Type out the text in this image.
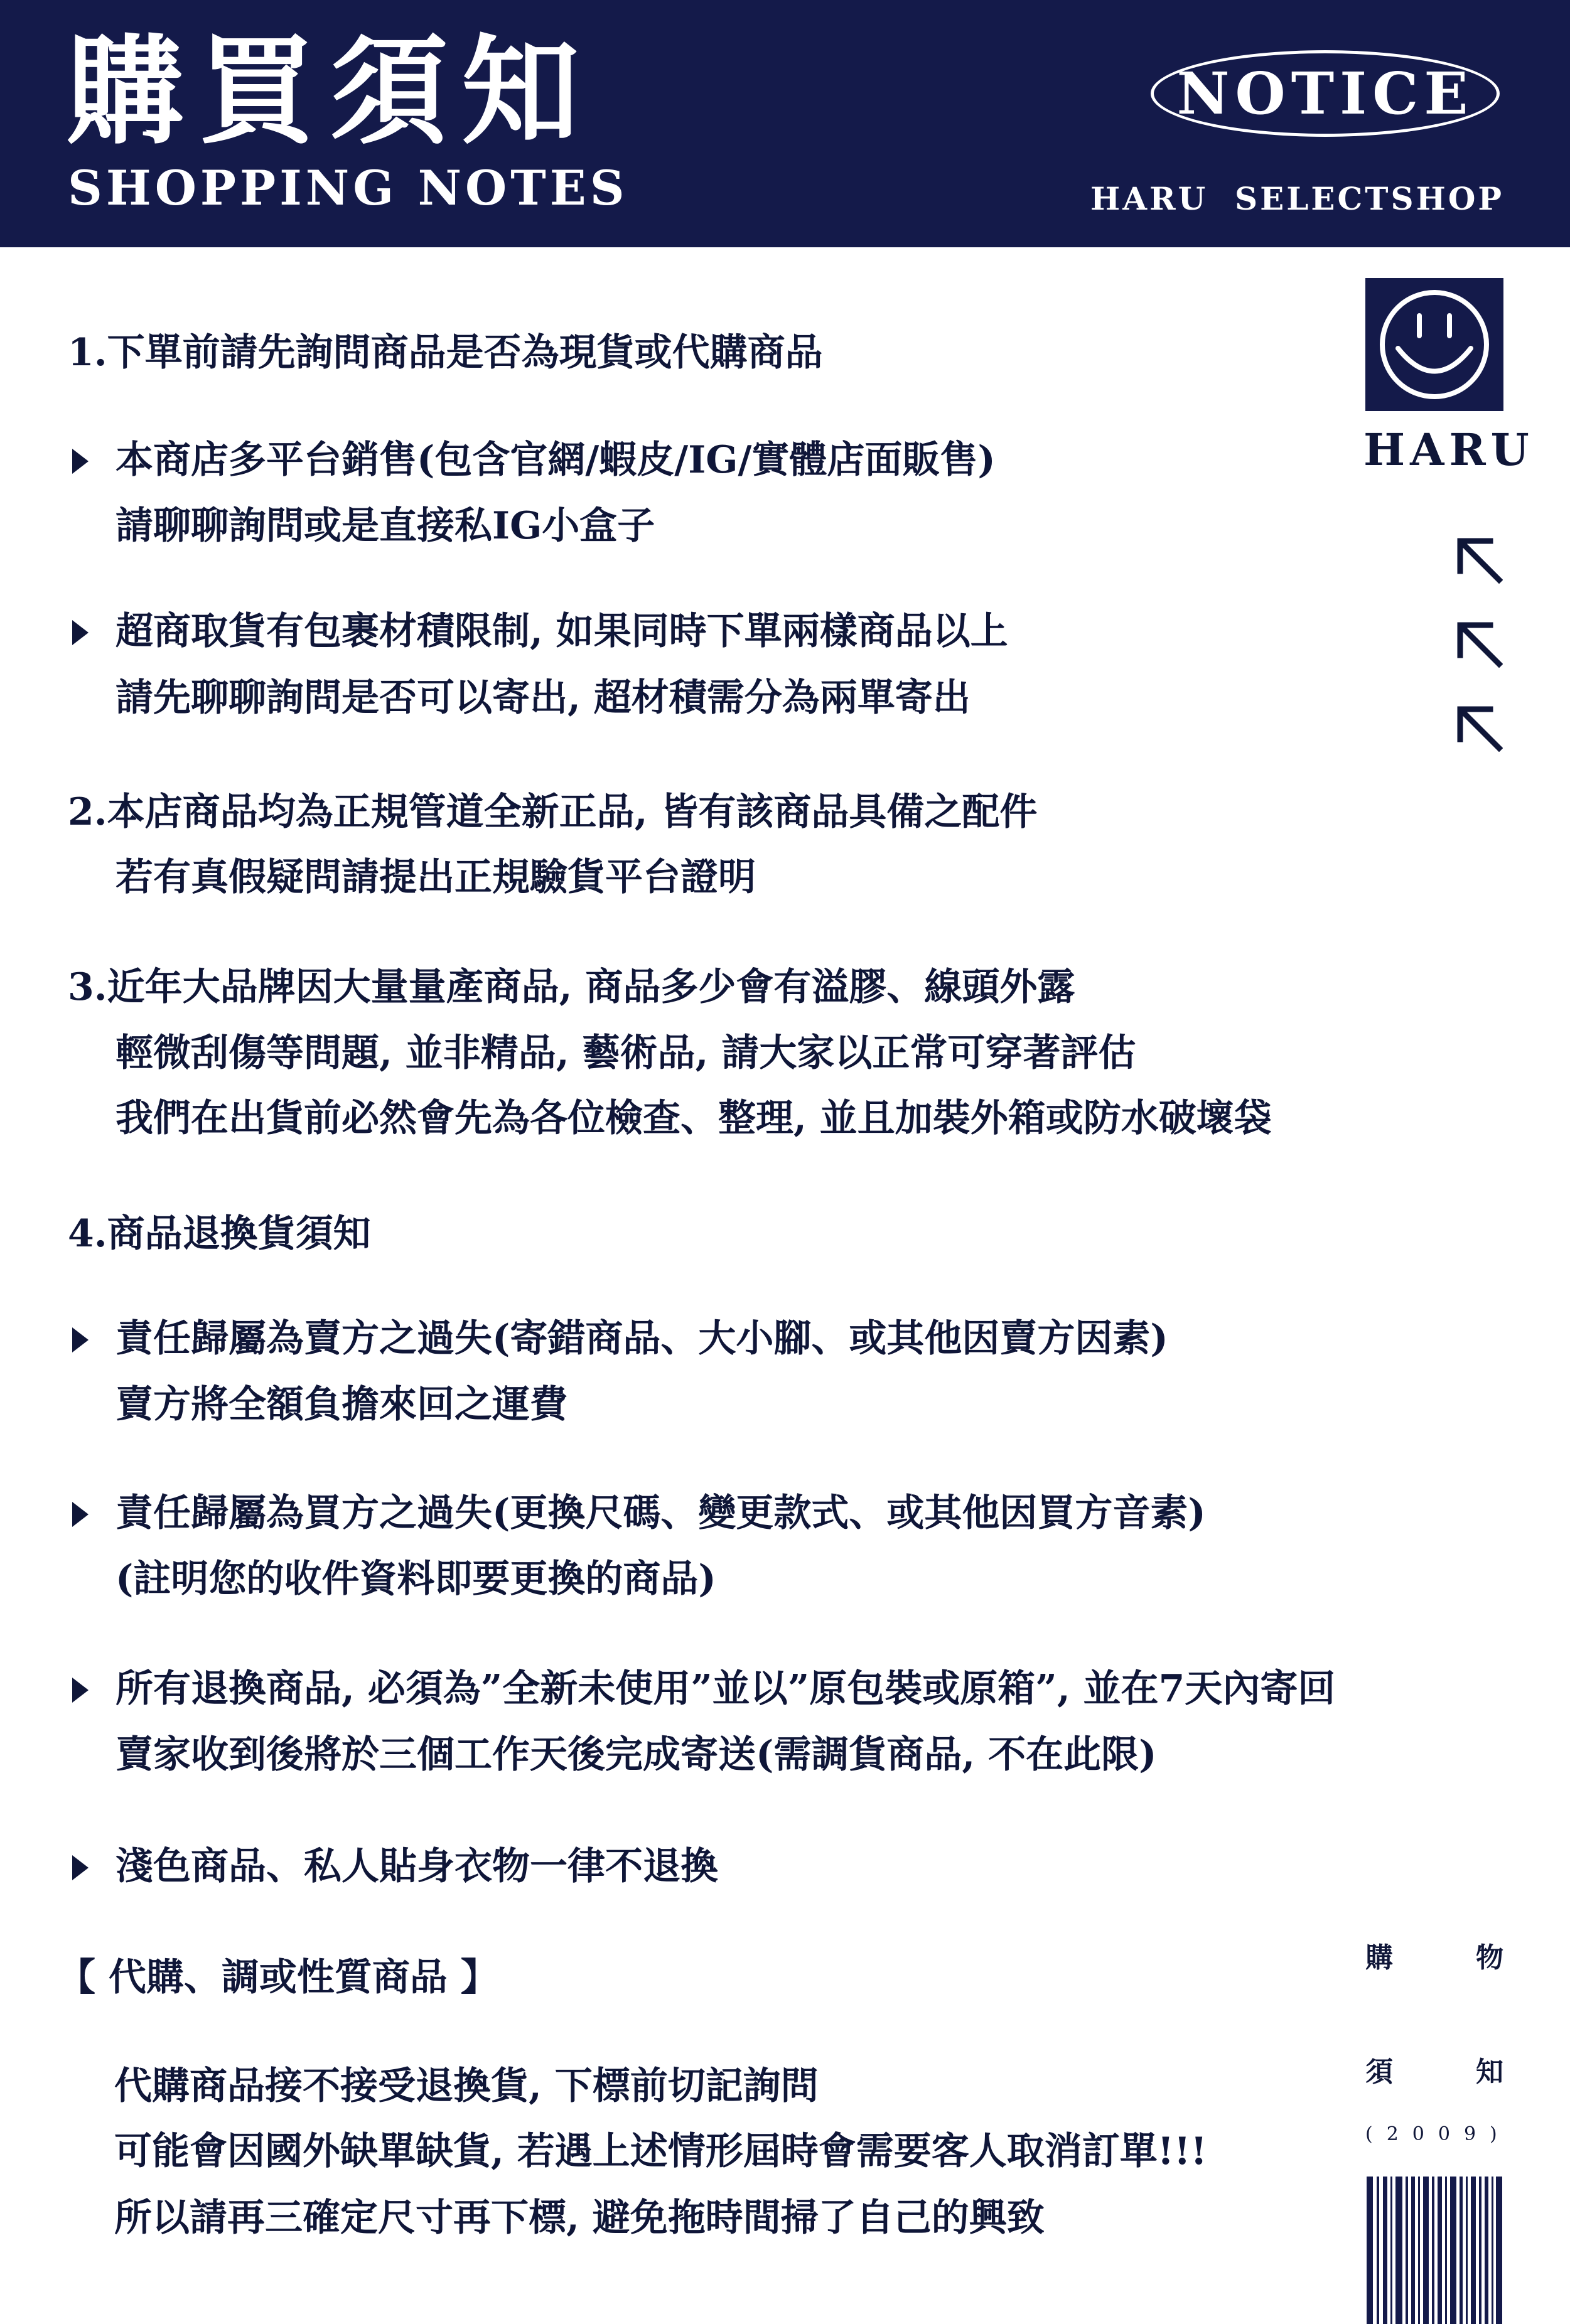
購買須知
SHOPPING NOTES
NOTICE
HARU  SELECTSHOP
HARU
1.下單前請先詢問商品是否為現貨或代購商品
本商店多平台銷售(包含官網/蝦皮/IG/實體店面販售)
請聊聊詢問或是直接私IG小盒子
超商取貨有包裹材積限制, 如果同時下單兩樣商品以上
請先聊聊詢問是否可以寄出, 超材積需分為兩單寄出
2.本店商品均為正規管道全新正品, 皆有該商品具備之配件
若有真假疑問請提出正規驗貨平台證明
3.近年大品牌因大量量產商品, 商品多少會有溢膠、線頭外露
輕微刮傷等問題, 並非精品, 藝術品, 請大家以正常可穿著評估
我們在出貨前必然會先為各位檢查、整理, 並且加裝外箱或防水破壞袋
4.商品退換貨須知
責任歸屬為賣方之過失(寄錯商品、大小腳、或其他因賣方因素)
賣方將全額負擔來回之運費
責任歸屬為買方之過失(更換尺碼、變更款式、或其他因買方音素)
(註明您的收件資料即要更換的商品)
所有退換商品, 必須為”全新未使用”並以”原包裝或原箱”, 並在7天內寄回
賣家收到後將於三個工作天後完成寄送(需調貨商品, 不在此限)
淺色商品、私人貼身衣物一律不退換
【 代購、調或性質商品 】
代購商品接不接受退換貨, 下標前切記詢問
可能會因國外缺單缺貨, 若遇上述情形屆時會需要客人取消訂單!!!
所以請再三確定尺寸再下標, 避免拖時間掃了自己的興致
購	物
須	知
(2009)
